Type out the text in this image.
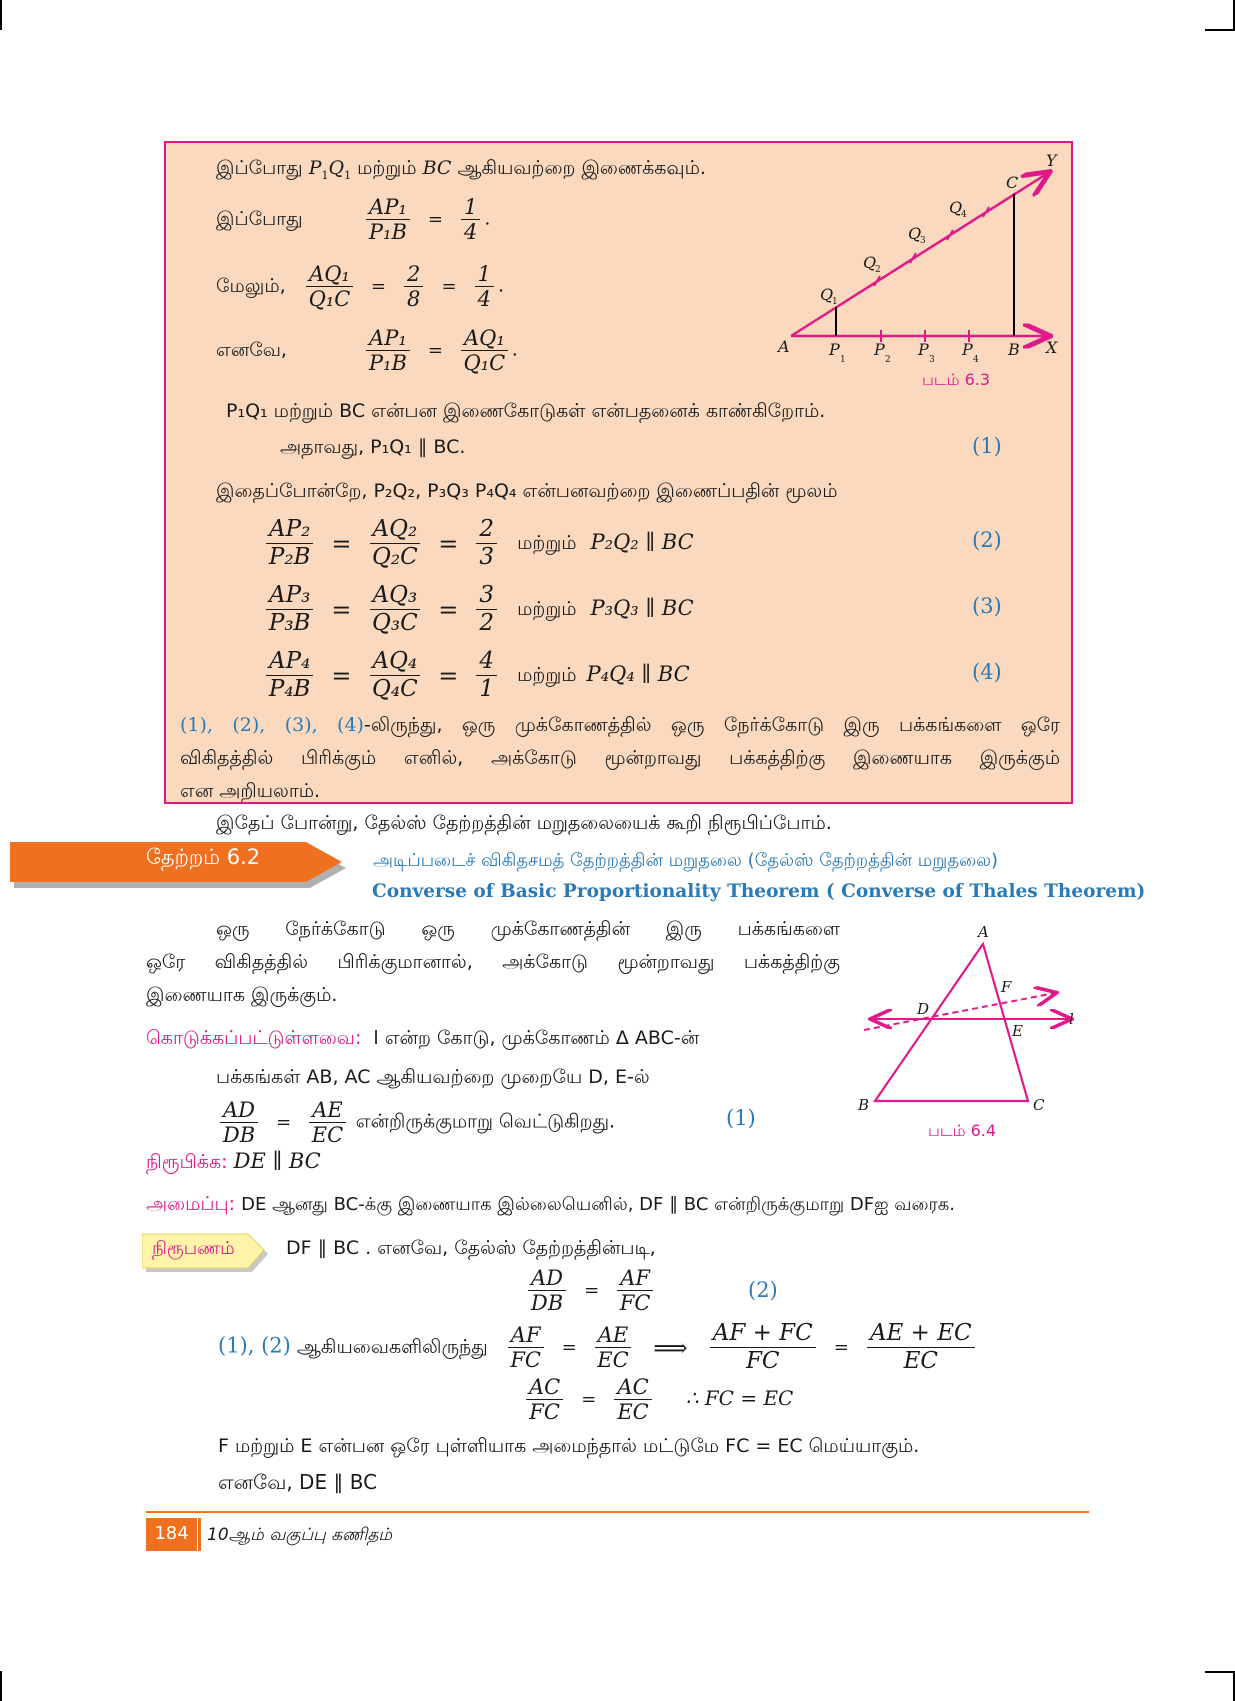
இப்போது $P_1Q_1$ மற்றும் BC ஆகியவற்றை இணைக்கவும்.
இப்போது	$\frac{\text{AP₁}}{\text{P₁B}} = \frac{1}{4}$ .
மேலும், $\frac{\text{AQ₁}}{\text{Q₁C}} = \frac{2}{8} = \frac{1}{4}$ .
எனவே,	$\frac{\text{AP₁}}{\text{P₁B}} = \frac{\text{AQ₁}}{\text{Q₁C}}$ .
P₁Q₁ மற்றும் BC என்பன இணைகோடுகள் என்பதனைக் காண்கிறோம்.
அதாவது, P₁Q₁ ∥ BC.	(1)
இதைப்போன்றே, P₂Q₂, P₃Q₃ P₄Q₄ என்பனவற்றை இணைப்பதின் மூலம்
$\frac{\text{AP₂}}{\text{P₂B}} = \frac{\text{AQ₂}}{\text{Q₂C}} = \frac{2}{3}$ மற்றும் P₂Q₂ ∥ BC	(2)
$\frac{\text{AP₃}}{\text{P₃B}} = \frac{\text{AQ₃}}{\text{Q₃C}} = \frac{3}{2}$ மற்றும் P₃Q₃ ∥ BC	(3)
$\frac{\text{AP₄}}{\text{P₄B}} = \frac{\text{AQ₄}}{\text{Q₄C}} = \frac{4}{1}$ மற்றும் P₄Q₄ ∥ BC	(4)
(1), (2), (3), (4)-லிருந்து, ஒரு முக்கோணத்தில் ஒரு நேர்க்கோடு இரு பக்கங்களை ஒரே
விகிதத்தில் பிரிக்கும் எனில், அக்கோடு மூன்றாவது பக்கத்திற்கு இணையாக இருக்கும்
என அறியலாம்.
A	X
Y
B
C
P
1
P
2
P
3
P
4
Q
1
Q
2
Q
3
Q
4
படம் 6.3
இதேப் போன்று, தேல்ஸ் தேற்றத்தின் மறுதலையைக் கூறி நிரூபிப்போம்.
தேற்றம் 6.2	அடிப்படைச் விகிதசமத் தேற்றத்தின் மறுதலை (தேல்ஸ் தேற்றத்தின் மறுதலை)
Converse of Basic Proportionality Theorem ( Converse of Thales Theorem)
ஒரு நேர்க்கோடு ஒரு முக்கோணத்தின் இரு பக்கங்களை
ஒரே விகிதத்தில் பிரிக்குமானால், அக்கோடு மூன்றாவது பக்கத்திற்கு
இணையாக இருக்கும்.
கொடுக்கப்பட்டுள்ளவை: l என்ற கோடு, முக்கோணம் Δ ABC-ன்
பக்கங்கள் AB, AC ஆகியவற்றை முறையே D, E-ல்
$\frac{AD}{DB} = \frac{AE}{EC}$ என்றிருக்குமாறு வெட்டுகிறது.	(1)
நிரூபிக்க: DE ∥ BC
அமைப்பு: DE ஆனது BC-க்கு இணையாக இல்லையெனில், DF ∥ BC என்றிருக்குமாறு DFஐ வரைக.
நிரூபணம்	DF ∥ BC . எனவே, தேல்ஸ் தேற்றத்தின்படி,
$\frac{AD}{DB} = \frac{AF}{FC}$	(2)
(1), (2) ஆகியவைகளிலிருந்து $\frac{AF}{FC} = \frac{AE}{EC}$ ⟹ $\frac{AF + FC}{FC} = \frac{AE + EC}{EC}$
$\frac{AC}{FC} = \frac{AC}{EC}$ ∴ FC = EC
F மற்றும் E என்பன ஒரே புள்ளியாக அமைந்தால் மட்டுமே FC = EC மெய்யாகும்.
எனவே, DE ∥ BC
A
B	C
D
E
F
l
படம் 6.4
184	10ஆம் வகுப்பு கணிதம்
